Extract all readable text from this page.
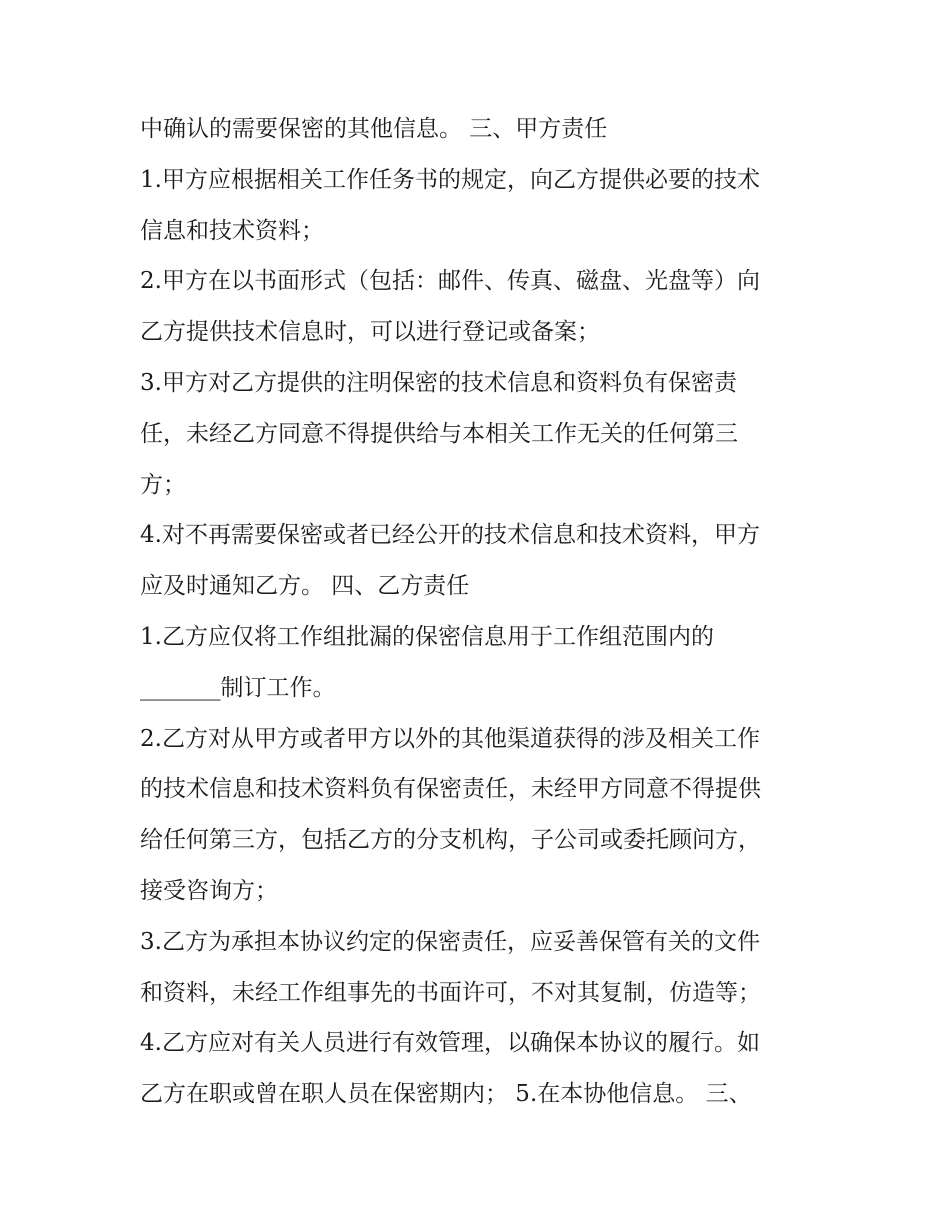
中确认的需要保密的其他信息。 三、甲方责任
1.甲方应根据相关工作任务书的规定，向乙方提供必要的技术
信息和技术资料；
2.甲方在以书面形式（包括：邮件、传真、磁盘、光盘等）向
乙方提供技术信息时，可以进行登记或备案；
3.甲方对乙方提供的注明保密的技术信息和资料负有保密责
任，未经乙方同意不得提供给与本相关工作无关的任何第三
方；
4.对不再需要保密或者已经公开的技术信息和技术资料，甲方
应及时通知乙方。 四、乙方责任
1.乙方应仅将工作组批漏的保密信息用于工作组范围内的
_______制订工作。
2.乙方对从甲方或者甲方以外的其他渠道获得的涉及相关工作
的技术信息和技术资料负有保密责任，未经甲方同意不得提供
给任何第三方，包括乙方的分支机构，子公司或委托顾问方，
接受咨询方；
3.乙方为承担本协议约定的保密责任，应妥善保管有关的文件
和资料，未经工作组事先的书面许可，不对其复制，仿造等；
4.乙方应对有关人员进行有效管理，以确保本协议的履行。如
乙方在职或曾在职人员在保密期内； 5.在本协他信息。 三、
